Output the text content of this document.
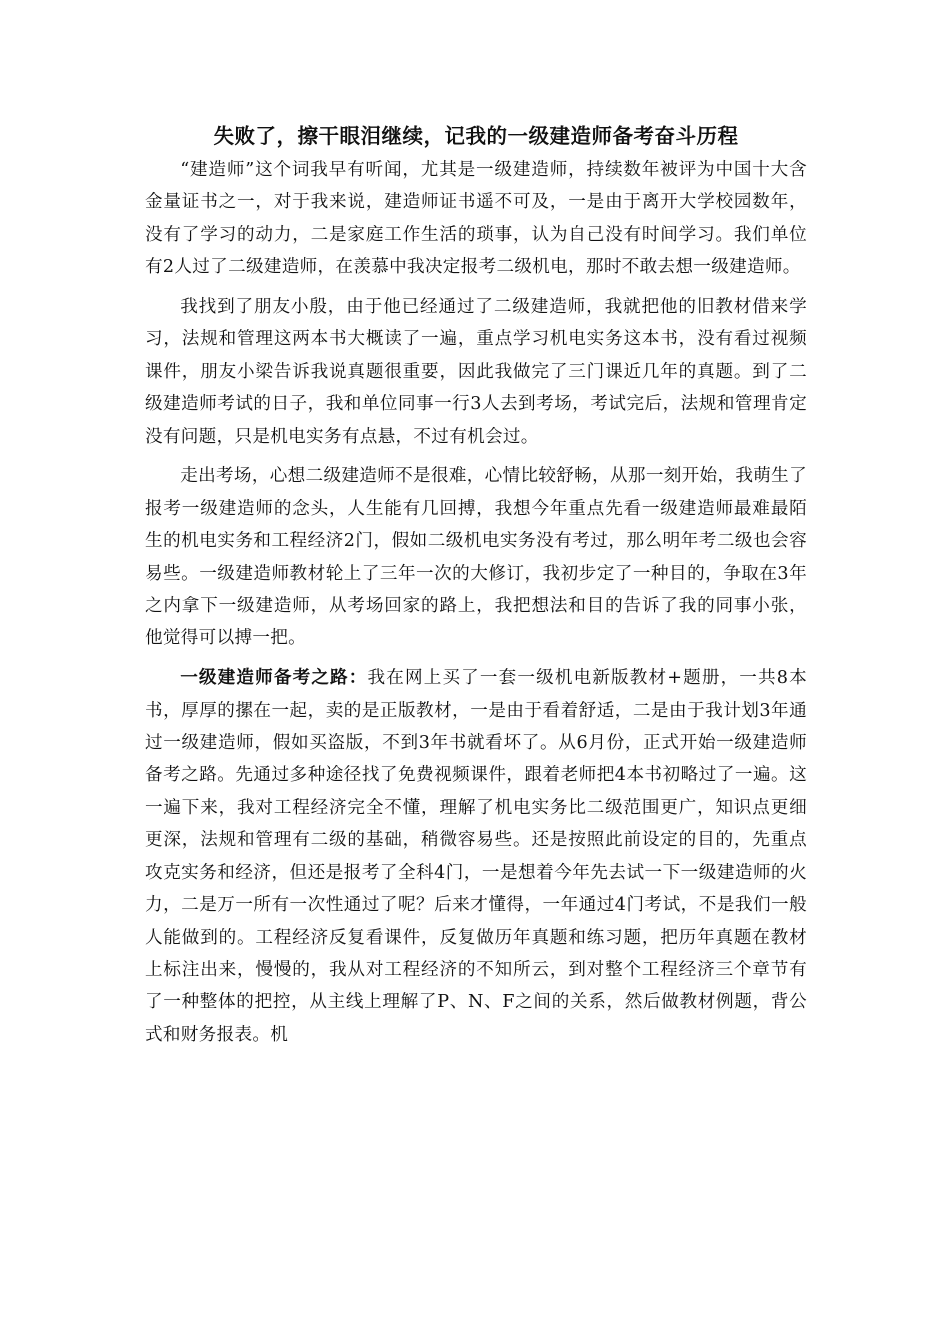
失败了，擦干眼泪继续，记我的一级建造师备考奋斗历程

“建造师”这个词我早有听闻，尤其是一级建造师，持续数年被评为中国十大含金量证书之一，对于我来说，建造师证书遥不可及，一是由于离开大学校园数年，没有了学习的动力，二是家庭工作生活的琐事，认为自己没有时间学习。我们单位有2人过了二级建造师，在羡慕中我决定报考二级机电，那时不敢去想一级建造师。

我找到了朋友小殷，由于他已经通过了二级建造师，我就把他的旧教材借来学习，法规和管理这两本书大概读了一遍，重点学习机电实务这本书，没有看过视频课件，朋友小梁告诉我说真题很重要，因此我做完了三门课近几年的真题。到了二级建造师考试的日子，我和单位同事一行3人去到考场，考试完后，法规和管理肯定没有问题，只是机电实务有点悬，不过有机会过。

走出考场，心想二级建造师不是很难，心情比较舒畅，从那一刻开始，我萌生了报考一级建造师的念头，人生能有几回搏，我想今年重点先看一级建造师最难最陌生的机电实务和工程经济2门，假如二级机电实务没有考过，那么明年考二级也会容易些。一级建造师教材轮上了三年一次的大修订，我初步定了一种目的，争取在3年之内拿下一级建造师，从考场回家的路上，我把想法和目的告诉了我的同事小张，他觉得可以搏一把。

一级建造师备考之路：我在网上买了一套一级机电新版教材+题册，一共8本书，厚厚的摞在一起，卖的是正版教材，一是由于看着舒适，二是由于我计划3年通过一级建造师，假如买盗版，不到3年书就看坏了。从6月份，正式开始一级建造师备考之路。先通过多种途径找了免费视频课件，跟着老师把4本书初略过了一遍。这一遍下来，我对工程经济完全不懂，理解了机电实务比二级范围更广，知识点更细更深，法规和管理有二级的基础，稍微容易些。还是按照此前设定的目的，先重点攻克实务和经济，但还是报考了全科4门，一是想着今年先去试一下一级建造师的火力，二是万一所有一次性通过了呢？后来才懂得，一年通过4门考试，不是我们一般人能做到的。工程经济反复看课件，反复做历年真题和练习题，把历年真题在教材上标注出来，慢慢的，我从对工程经济的不知所云，到对整个工程经济三个章节有了一种整体的把控，从主线上理解了P、N、F之间的关系，然后做教材例题，背公式和财务报表。机
